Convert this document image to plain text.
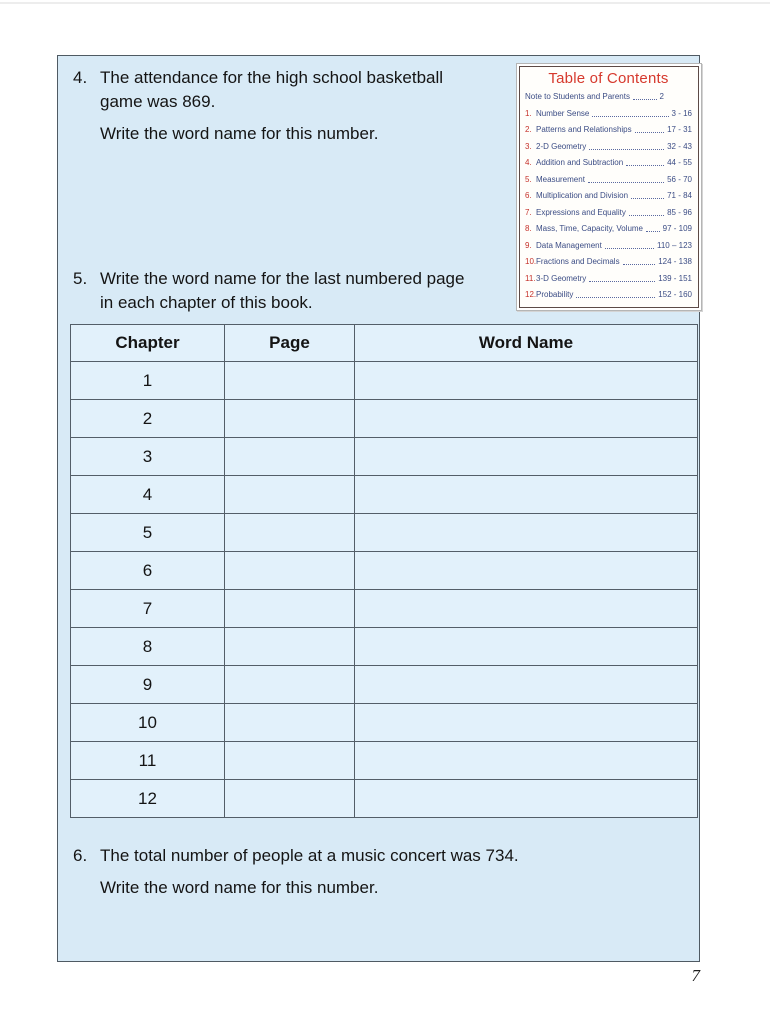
4. The attendance for the high school basketball
game was 869.
Write the word name for this number.
Table of Contents
Note to Students and Parents	2
1. Number Sense	3 - 16
2. Patterns and Relationships	17 - 31
3. 2-D Geometry	32 - 43
4. Addition and Subtraction	44 - 55
5. Measurement	56 - 70
6. Multiplication and Division	71 - 84
7. Expressions and Equality	85 - 96
8. Mass, Time, Capacity, Volume 97 - 109
9. Data Management	110 – 123
10. Fractions and Decimals	124 - 138
11. 3-D Geometry	139 - 151
12. Probability	152 - 160
5. Write the word name for the last numbered page
in each chapter of this book.
Chapter	Page	Word Name
1		
2		
3		
4		
5		
6		
7		
8		
9		
10		
11		
12		
6. The total number of people at a music concert was 734.
Write the word name for this number.
7
